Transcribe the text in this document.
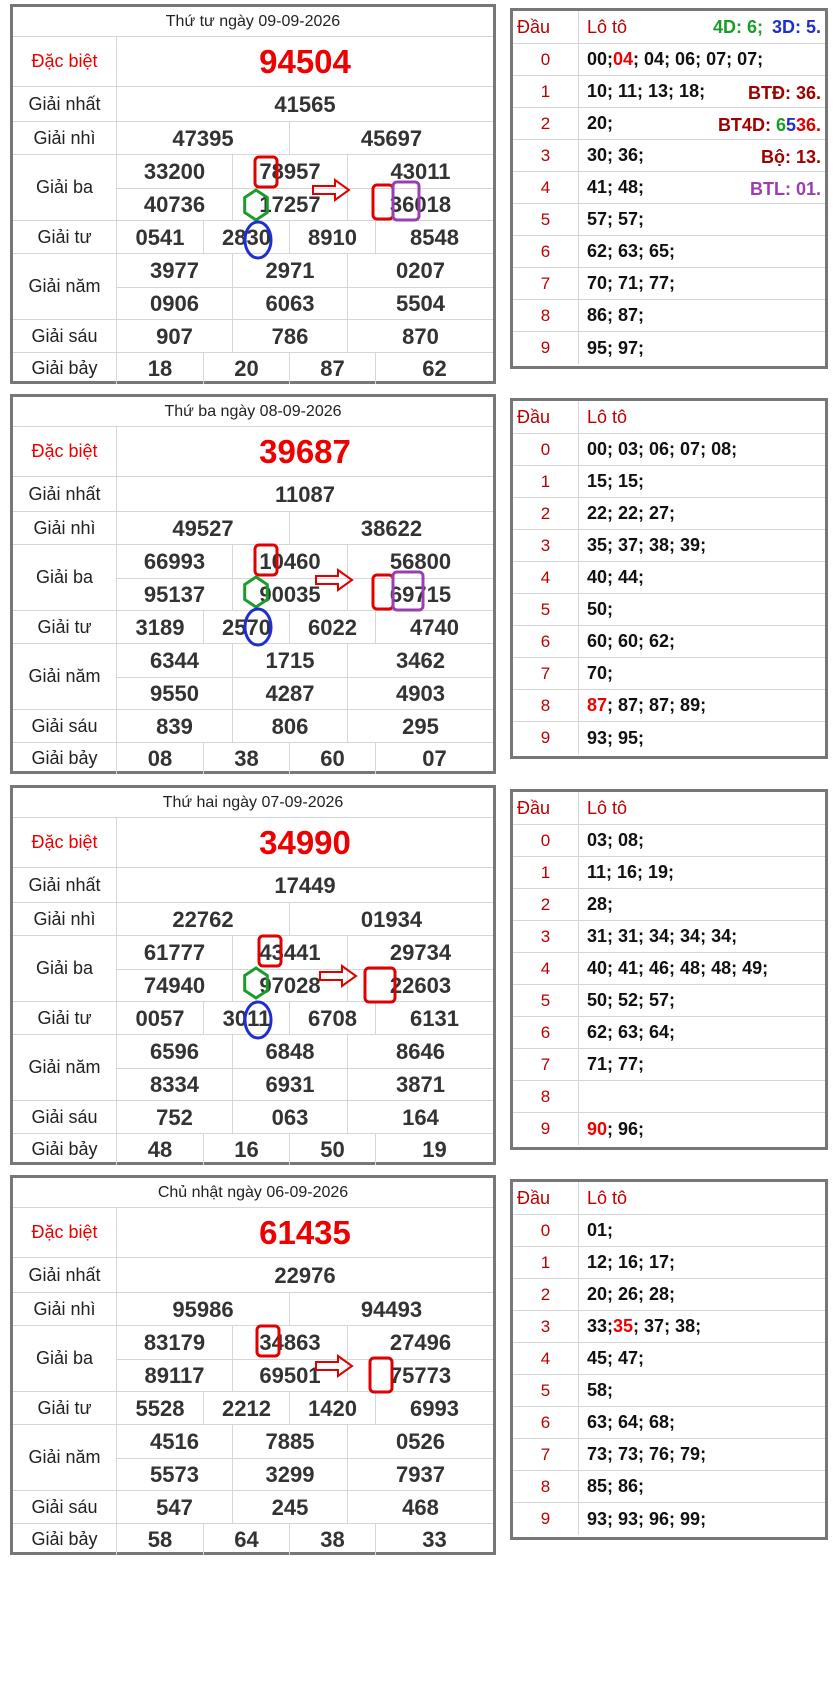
Thứ tư ngày 09-09-2026
Đặc biệt	94504
Giải nhất	41565
Giải nhì	47395	45697
Giải ba
33200	78957	43011
40736	17257	36018
Giải tư	0541	2830	8910	8548
Giải năm
3977	2971	0207
0906	6063	5504
Giải sáu	907	786	870
Giải bảy	18	20	87	62
Đầu	Lô tô
0	00; 04 ; 04; 06; 07; 07;
1	10; 11; 13; 18;
2	20;
3	30; 36;
4	41; 48;
5	57; 57;
6	62; 63; 65;
7	70; 71; 77;
8	86; 87;
9	95; 97;
4D: 6; 3D: 5.
BTĐ: 36.
BT4D: 6536.
Bộ: 13.
BTL: 01.
Thứ ba ngày 08-09-2026
Đặc biệt	39687
Giải nhất	11087
Giải nhì	49527	38622
Giải ba
66993	10460	56800
95137	90035	69715
Giải tư	3189	2570	6022	4740
Giải năm
6344	1715	3462
9550	4287	4903
Giải sáu	839	806	295
Giải bảy	08	38	60	07
Đầu	Lô tô
0	00; 03; 06; 07; 08;
1	15; 15;
2	22; 22; 27;
3	35; 37; 38; 39;
4	40; 44;
5	50;
6	60; 60; 62;
7	70;
8	87 ; 87; 87; 89;
9	93; 95;
Thứ hai ngày 07-09-2026
Đặc biệt	34990
Giải nhất	17449
Giải nhì	22762	01934
Giải ba
61777	43441	29734
74940	97028	22603
Giải tư	0057	3011	6708	6131
Giải năm
6596	6848	8646
8334	6931	3871
Giải sáu	752	063	164
Giải bảy	48	16	50	19
Đầu	Lô tô
0	03; 08;
1	11; 16; 19;
2	28;
3	31; 31; 34; 34; 34;
4	40; 41; 46; 48; 48; 49;
5	50; 52; 57;
6	62; 63; 64;
7	71; 77;
8
9	90 ; 96;
Chủ nhật ngày 06-09-2026
Đặc biệt	61435
Giải nhất	22976
Giải nhì	95986	94493
Giải ba
83179	34863	27496
89117	69501	75773
Giải tư	5528	2212	1420	6993
Giải năm
4516	7885	0526
5573	3299	7937
Giải sáu	547	245	468
Giải bảy	58	64	38	33
Đầu	Lô tô
0	01;
1	12; 16; 17;
2	20; 26; 28;
3	33; 35 ; 37; 38;
4	45; 47;
5	58;
6	63; 64; 68;
7	73; 73; 76; 79;
8	85; 86;
9	93; 93; 96; 99;
